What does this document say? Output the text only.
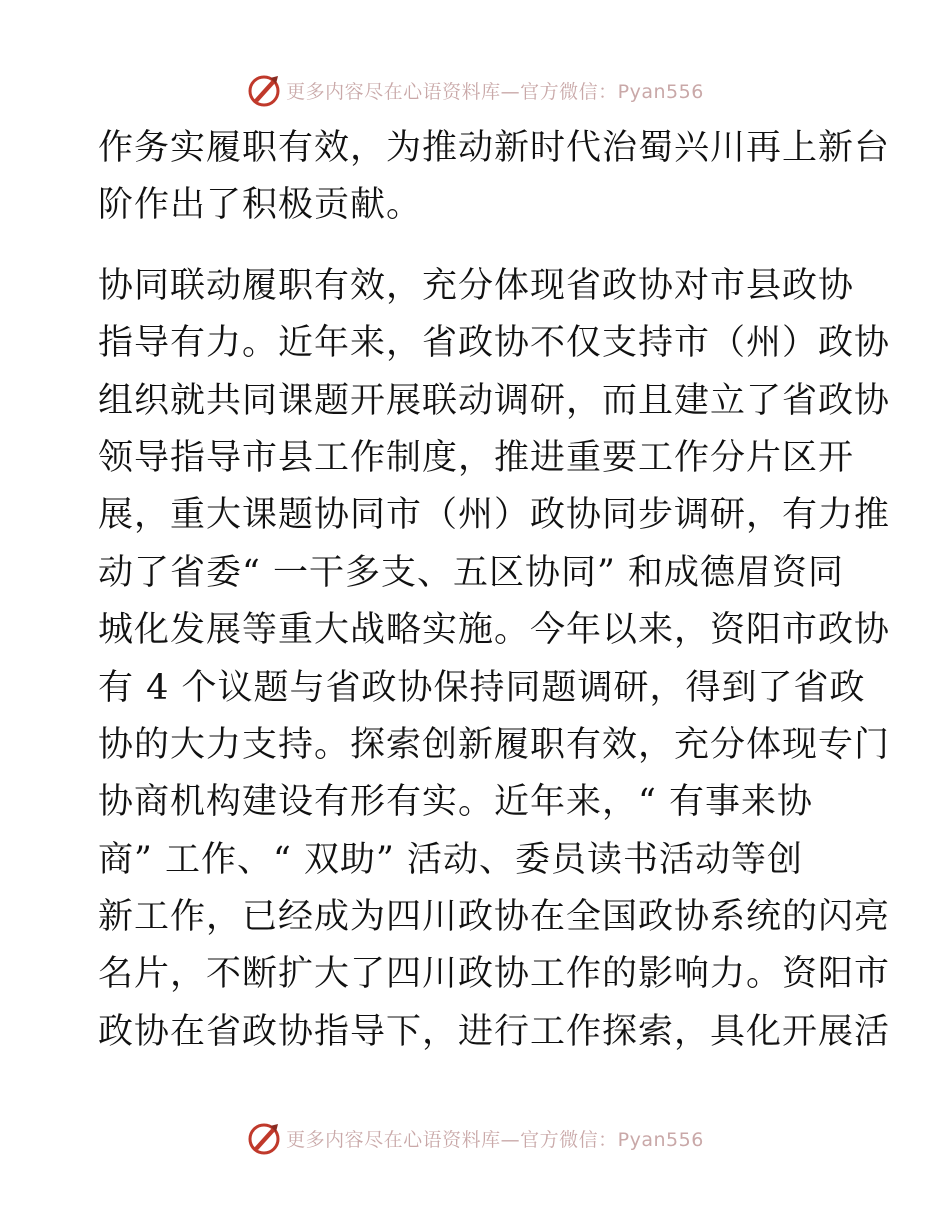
更多内容尽在心语资料库—官方微信：Pyan556
作务实履职有效，为推动新时代治蜀兴川再上新台
阶作出了积极贡献。
协同联动履职有效，充分体现省政协对市县政协
指导有力。近年来，省政协不仅支持市（州）政协
组织就共同课题开展联动调研，而且建立了省政协
领导指导市县工作制度，推进重要工作分片区开
展，重大课题协同市（州）政协同步调研，有力推
动了省委“ 一干多支、五区协同” 和成德眉资同
城化发展等重大战略实施。今年以来，资阳市政协
有 4 个议题与省政协保持同题调研，得到了省政
协的大力支持。探索创新履职有效，充分体现专门
协商机构建设有形有实。近年来，“ 有事来协
商” 工作、“ 双助” 活动、委员读书活动等创
新工作，已经成为四川政协在全国政协系统的闪亮
名片，不断扩大了四川政协工作的影响力。资阳市
政协在省政协指导下，进行工作探索，具化开展活
更多内容尽在心语资料库—官方微信：Pyan556
